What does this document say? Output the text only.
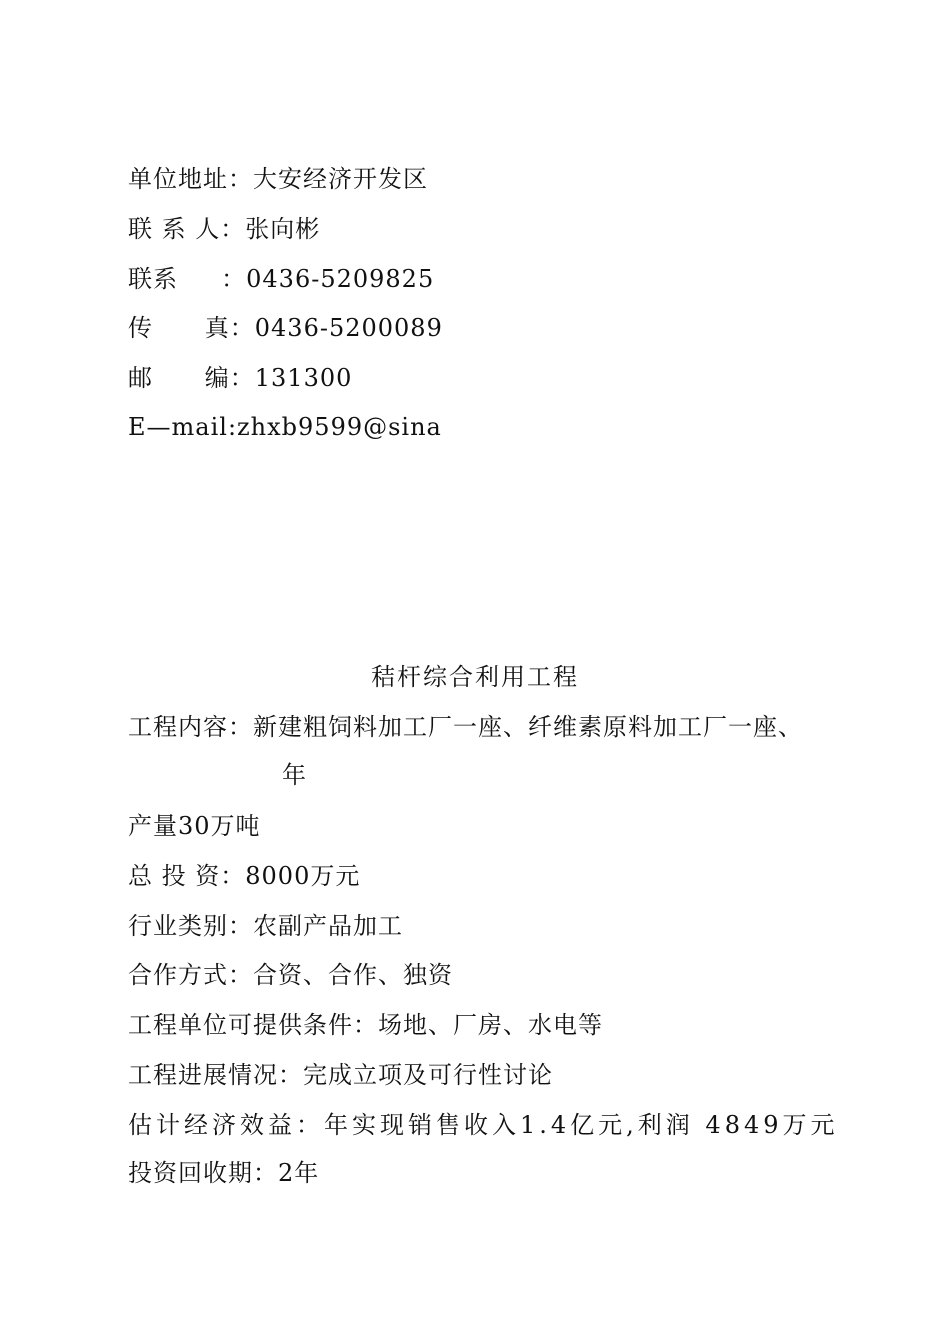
单位地址：大安经济开发区
联 系 人：张向彬
联系     ：0436-5209825
传      真：0436-5200089
邮      编：131300
E—mail:zhxb9599@sina
秸杆综合利用工程
工程内容：新建粗饲料加工厂一座、纤维素原料加工厂一座、
年
产量30万吨
总 投 资：8000万元
行业类别：农副产品加工
合作方式：合资、合作、独资
工程单位可提供条件：场地、厂房、水电等
工程进展情况：完成立项及可行性讨论
估计经济效益：年实现销售收入1.4亿元,利润 4849万元
投资回收期：2年
